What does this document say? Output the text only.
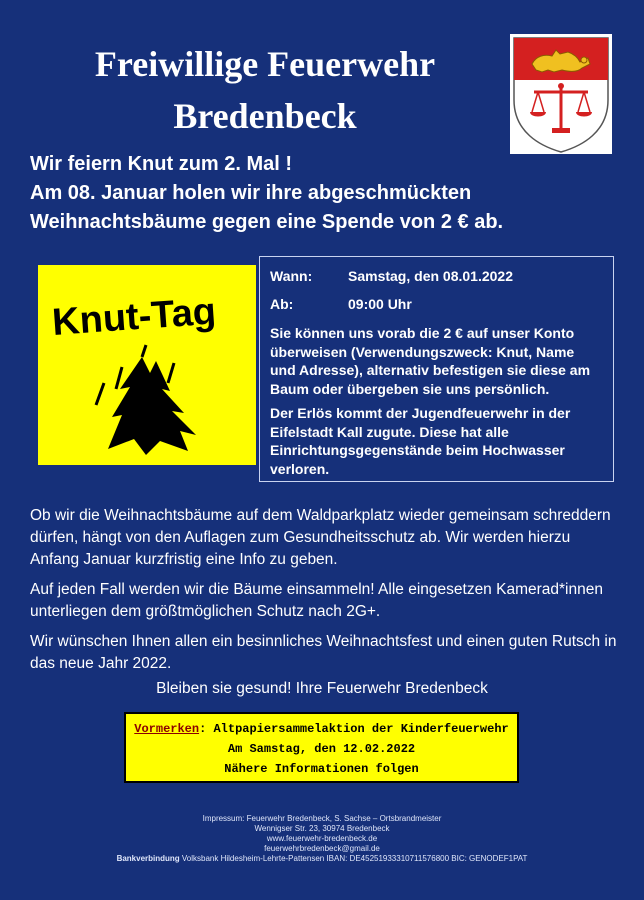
Freiwillige Feuerwehr
Bredenbeck
Wir feiern Knut zum 2. Mal !
Am 08. Januar holen wir ihre abgeschmückten
Weihnachtsbäume gegen eine Spende von 2 € ab.
Knut-Tag
Wann:	Samstag, den 08.01.2022
Ab:	09:00 Uhr

Sie können uns vorab die 2 € auf unser Konto überweisen (Verwendungszweck: Knut, Name und Adresse), alternativ befestigen sie diese am Baum oder übergeben sie uns persönlich.

Der Erlös kommt der Jugendfeuerwehr in der Eifelstadt Kall zugute. Diese hat alle Einrichtungsgegenstände beim Hochwasser verloren.

Ob wir die Weihnachtsbäume auf dem Waldparkplatz wieder gemeinsam schreddern dürfen, hängt von den Auflagen zum Gesundheitsschutz ab. Wir werden hierzu Anfang Januar kurzfristig eine Info zu geben.

Auf jeden Fall werden wir die Bäume einsammeln! Alle eingesetzen Kamerad*innen unterliegen dem größtmöglichen Schutz nach 2G+.

Wir wünschen Ihnen allen ein besinnliches Weihnachtsfest und einen guten Rutsch in das neue Jahr 2022.

Bleiben sie gesund! Ihre Feuerwehr Bredenbeck
Vormerken: Altpapiersammelaktion der Kinderfeuerwehr
Am Samstag, den 12.02.2022
Nähere Informationen folgen
Impressum: Feuerwehr Bredenbeck, S. Sachse – Ortsbrandmeister
Wennigser Str. 23, 30974 Bredenbeck
www.feuerwehr-bredenbeck.de
feuerwehrbredenbeck@gmail.de
Bankverbindung Volksbank Hildesheim-Lehrte-Pattensen IBAN: DE45251933310711576800 BIC: GENODEF1PAT
